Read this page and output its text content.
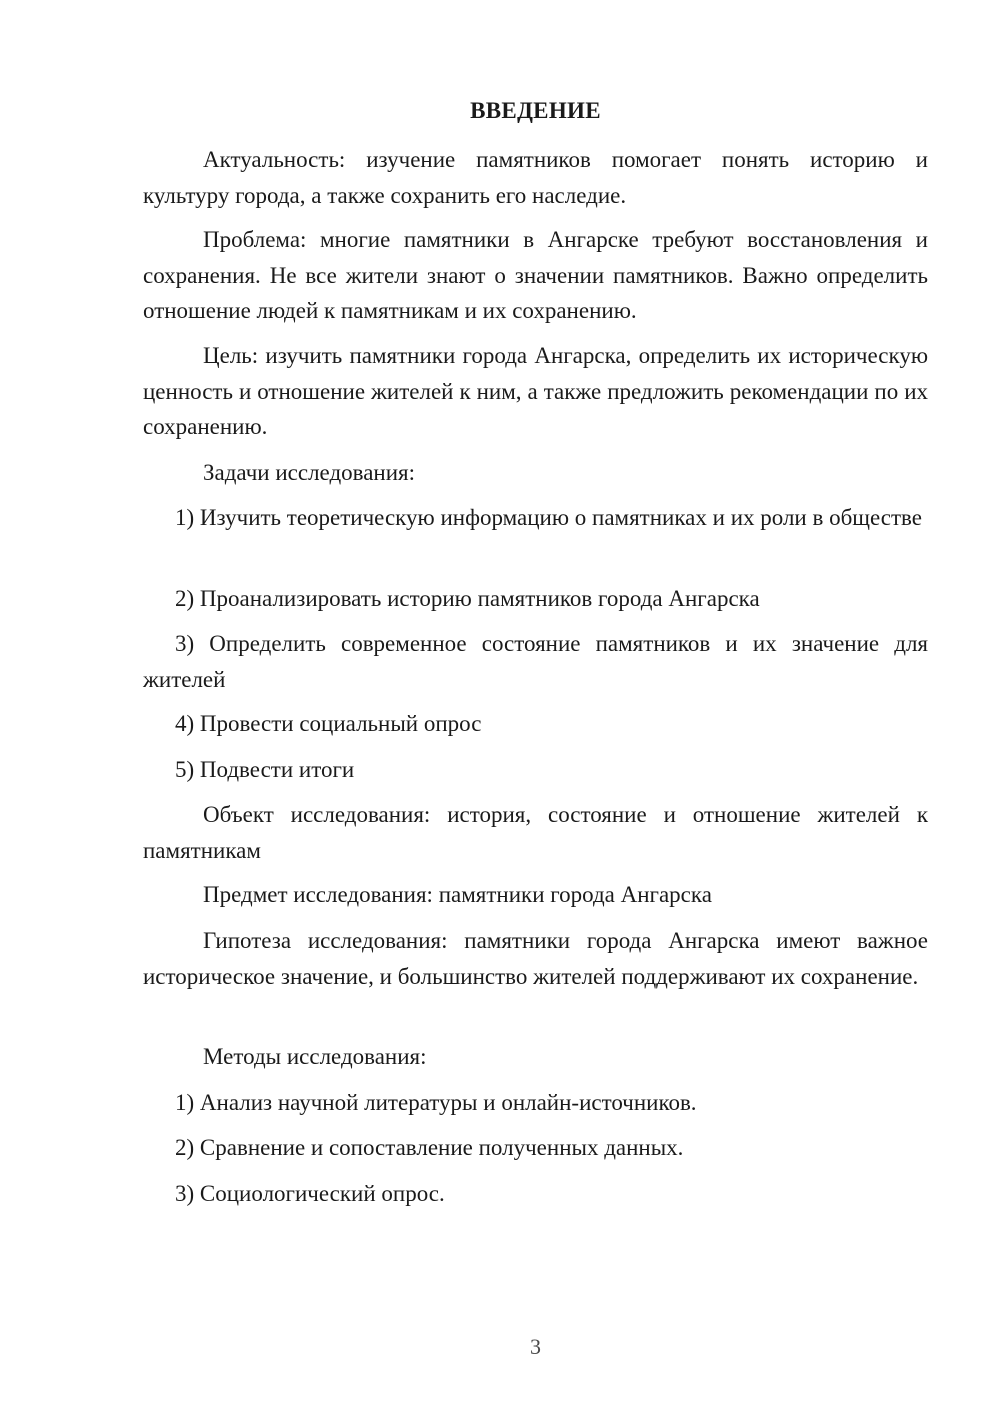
ВВЕДЕНИЕ

Актуальность: изучение памятников помогает понять историю и культуру города, а также сохранить его наследие.

Проблема: многие памятники в Ангарске требуют восстановления и сохранения. Не все жители знают о значении памятников. Важно определить отношение людей к памятникам и их сохранению.

Цель: изучить памятники города Ангарска, определить их историческую ценность и отношение жителей к ним, а также предложить рекомендации по их сохранению.

Задачи исследования:

1) Изучить теоретическую информацию о памятниках и их роли в обществе

2) Проанализировать историю памятников города Ангарска

3) Определить современное состояние памятников и их значение для жителей

4) Провести социальный опрос

5) Подвести итоги

Объект исследования: история, состояние и отношение жителей к памятникам

Предмет исследования: памятники города Ангарска

Гипотеза исследования: памятники города Ангарска имеют важное историческое значение, и большинство жителей поддерживают их сохранение.

Методы исследования:

1) Анализ научной литературы и онлайн-источников.

2) Сравнение и сопоставление полученных данных.

3) Социологический опрос.

3
